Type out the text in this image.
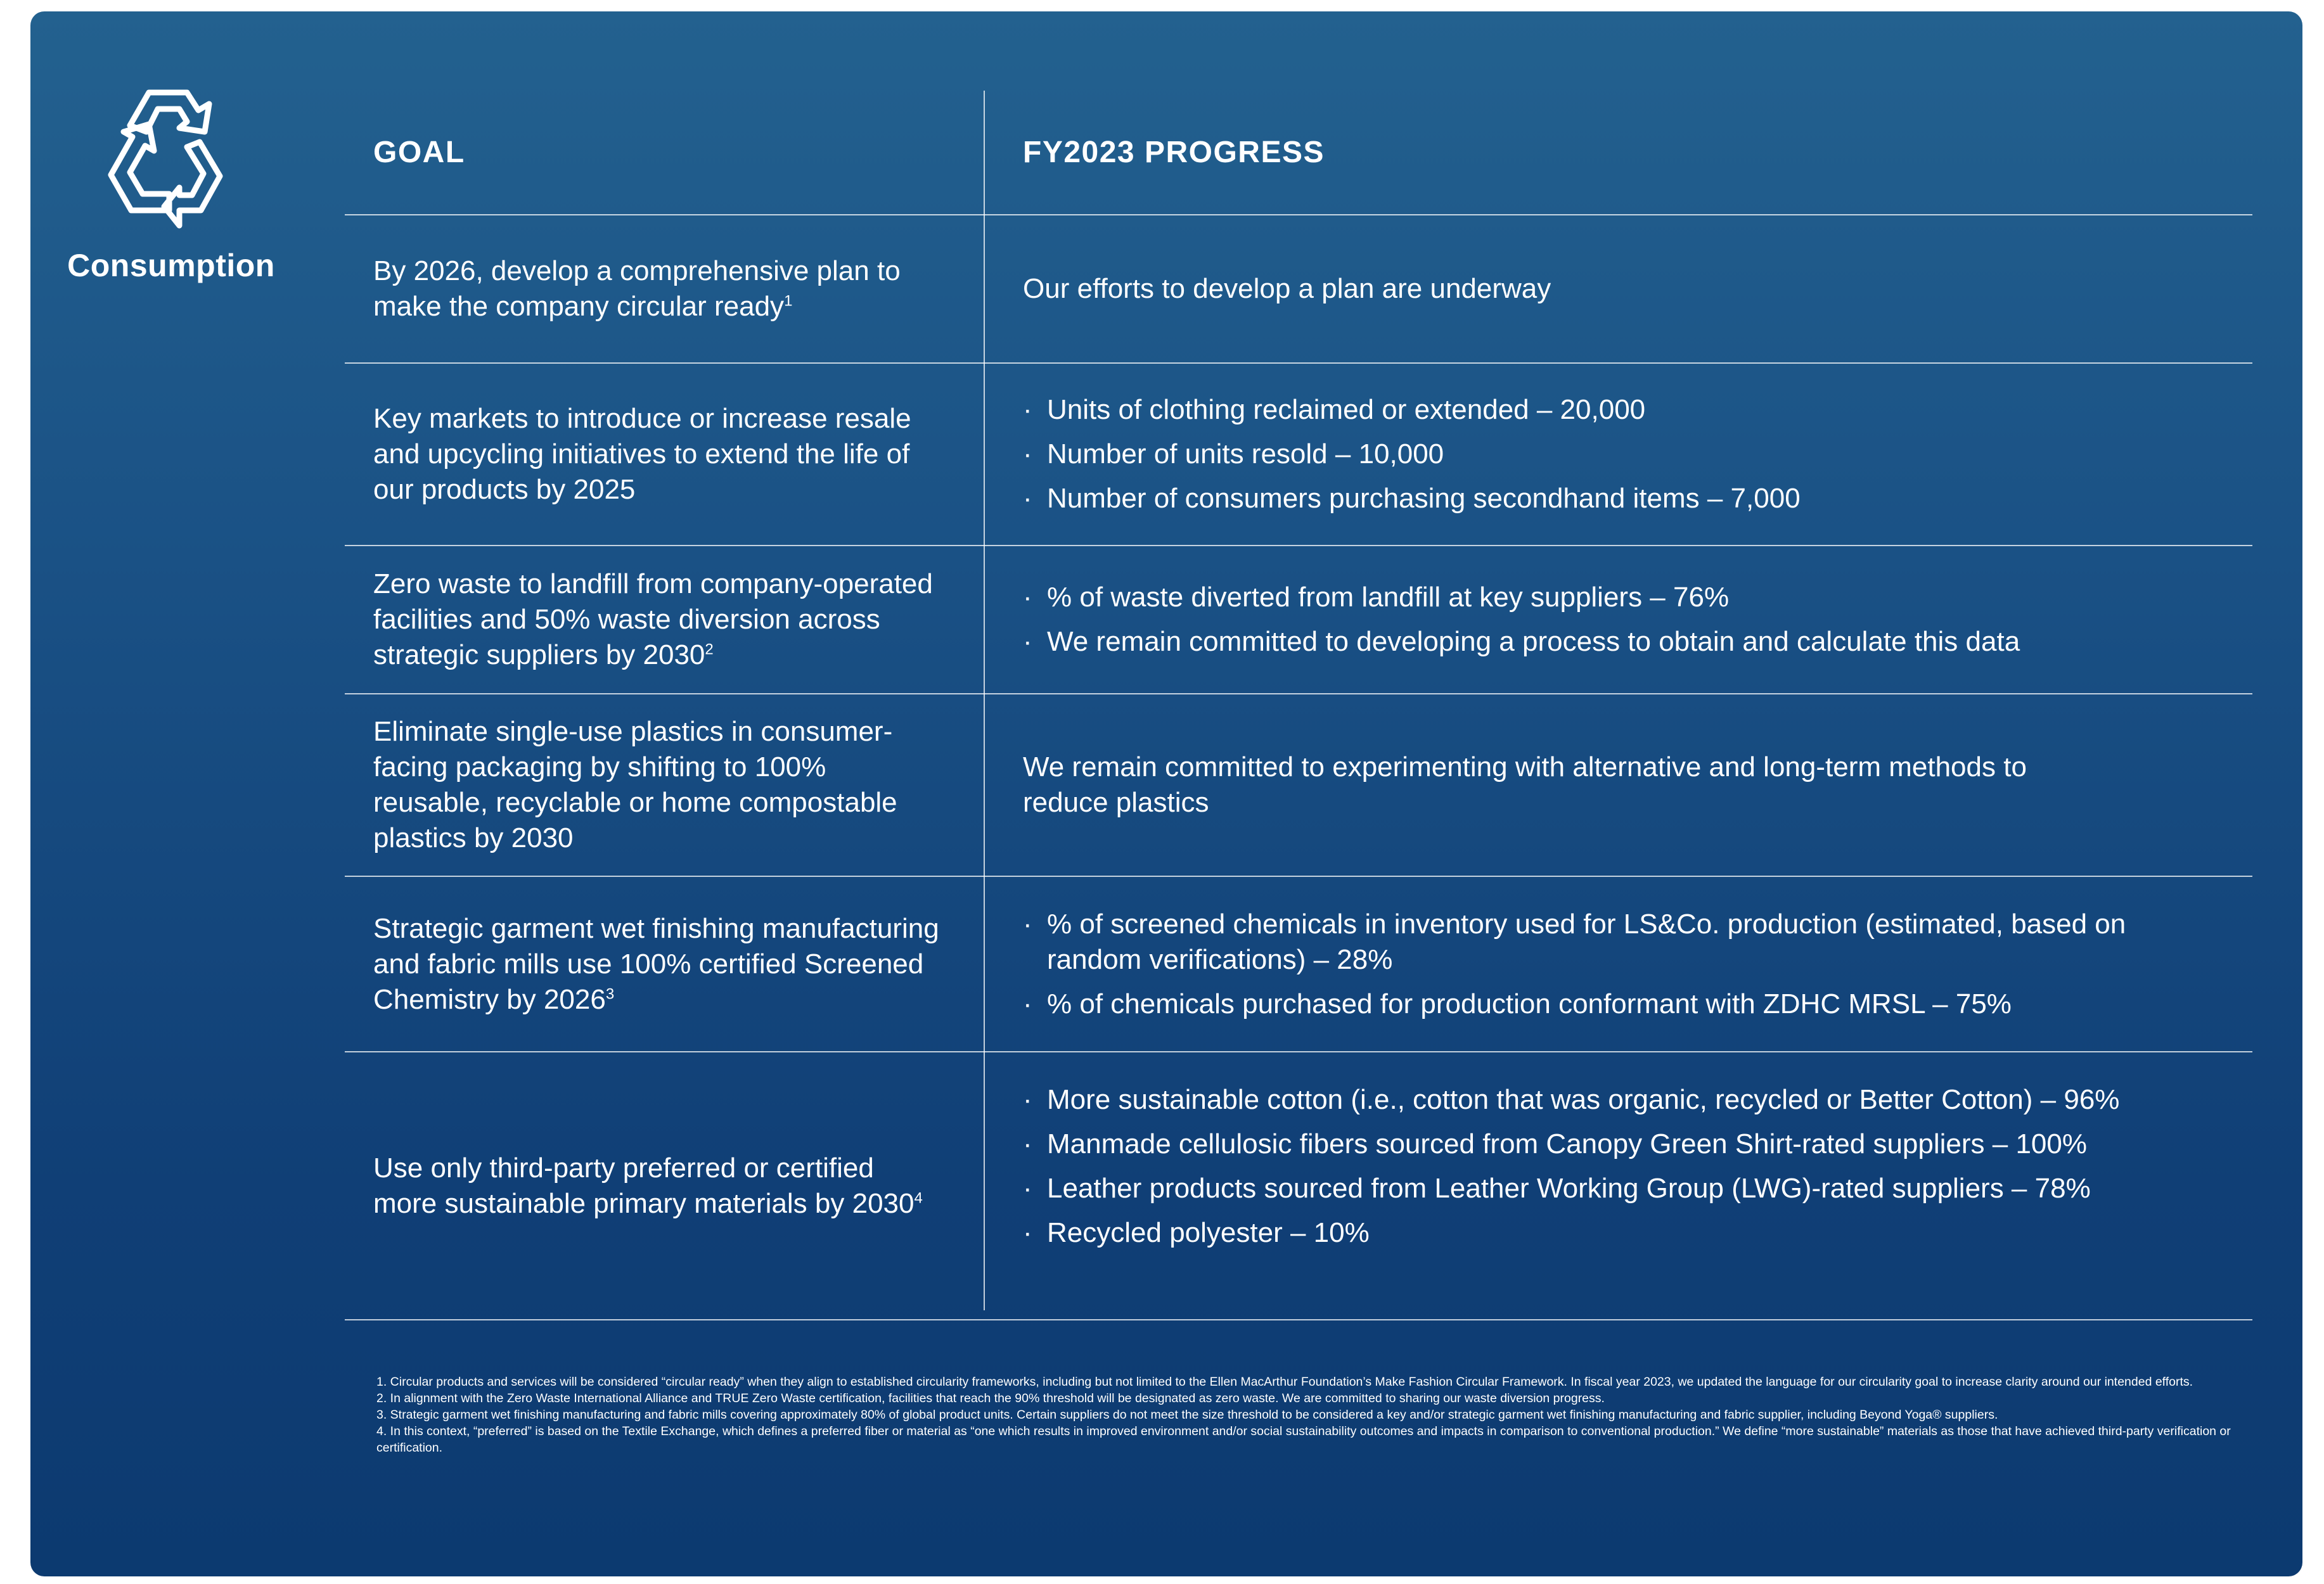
Consumption
GOAL	FY2023 PROGRESS
By 2026, develop a comprehensive plan to make the company circular ready$^1$	Our efforts to develop a plan are underway
Key markets to introduce or increase resale and upcycling initiatives to extend the life of our products by 2025
· Units of clothing reclaimed or extended – 20,000
· Number of units resold – 10,000
· Number of consumers purchasing secondhand items – 7,000
Zero waste to landfill from company-operated facilities and 50% waste diversion across strategic suppliers by $2030^2$
· % of waste diverted from landfill at key suppliers – 76%
· We remain committed to developing a process to obtain and calculate this data
Eliminate single-use plastics in consumer-facing packaging by shifting to 100% reusable, recyclable or home compostable plastics by 2030
We remain committed to experimenting with alternative and long-term methods to reduce plastics
Strategic garment wet finishing manufacturing and fabric mills use 100% certified Screened Chemistry by $2026^3$
· % of screened chemicals in inventory used for LS&Co. production (estimated, based on random verifications) – 28%
· % of chemicals purchased for production conformant with ZDHC MRSL – 75%
Use only third-party preferred or certified more sustainable primary materials by $2030^4$
· More sustainable cotton (i.e., cotton that was organic, recycled or Better Cotton) – 96%
· Manmade cellulosic fibers sourced from Canopy Green Shirt-rated suppliers – 100%
· Leather products sourced from Leather Working Group (LWG)-rated suppliers – 78%
· Recycled polyester – 10%

1. Circular products and services will be considered “circular ready” when they align to established circularity frameworks, including but not limited to the Ellen MacArthur Foundation’s Make Fashion Circular Framework. In fiscal year 2023, we updated the language for our circularity goal to increase clarity around our intended efforts.

2. In alignment with the Zero Waste International Alliance and TRUE Zero Waste certification, facilities that reach the 90% threshold will be designated as zero waste. We are committed to sharing our waste diversion progress.

3. Strategic garment wet finishing manufacturing and fabric mills covering approximately 80% of global product units. Certain suppliers do not meet the size threshold to be considered a key and/or strategic garment wet finishing manufacturing and fabric supplier, including Beyond Yoga® suppliers.

4. In this context, “preferred” is based on the Textile Exchange, which defines a preferred fiber or material as “one which results in improved environment and/or social sustainability outcomes and impacts in comparison to conventional production.” We define “more sustainable” materials as those that have achieved third-party verification or certification.
